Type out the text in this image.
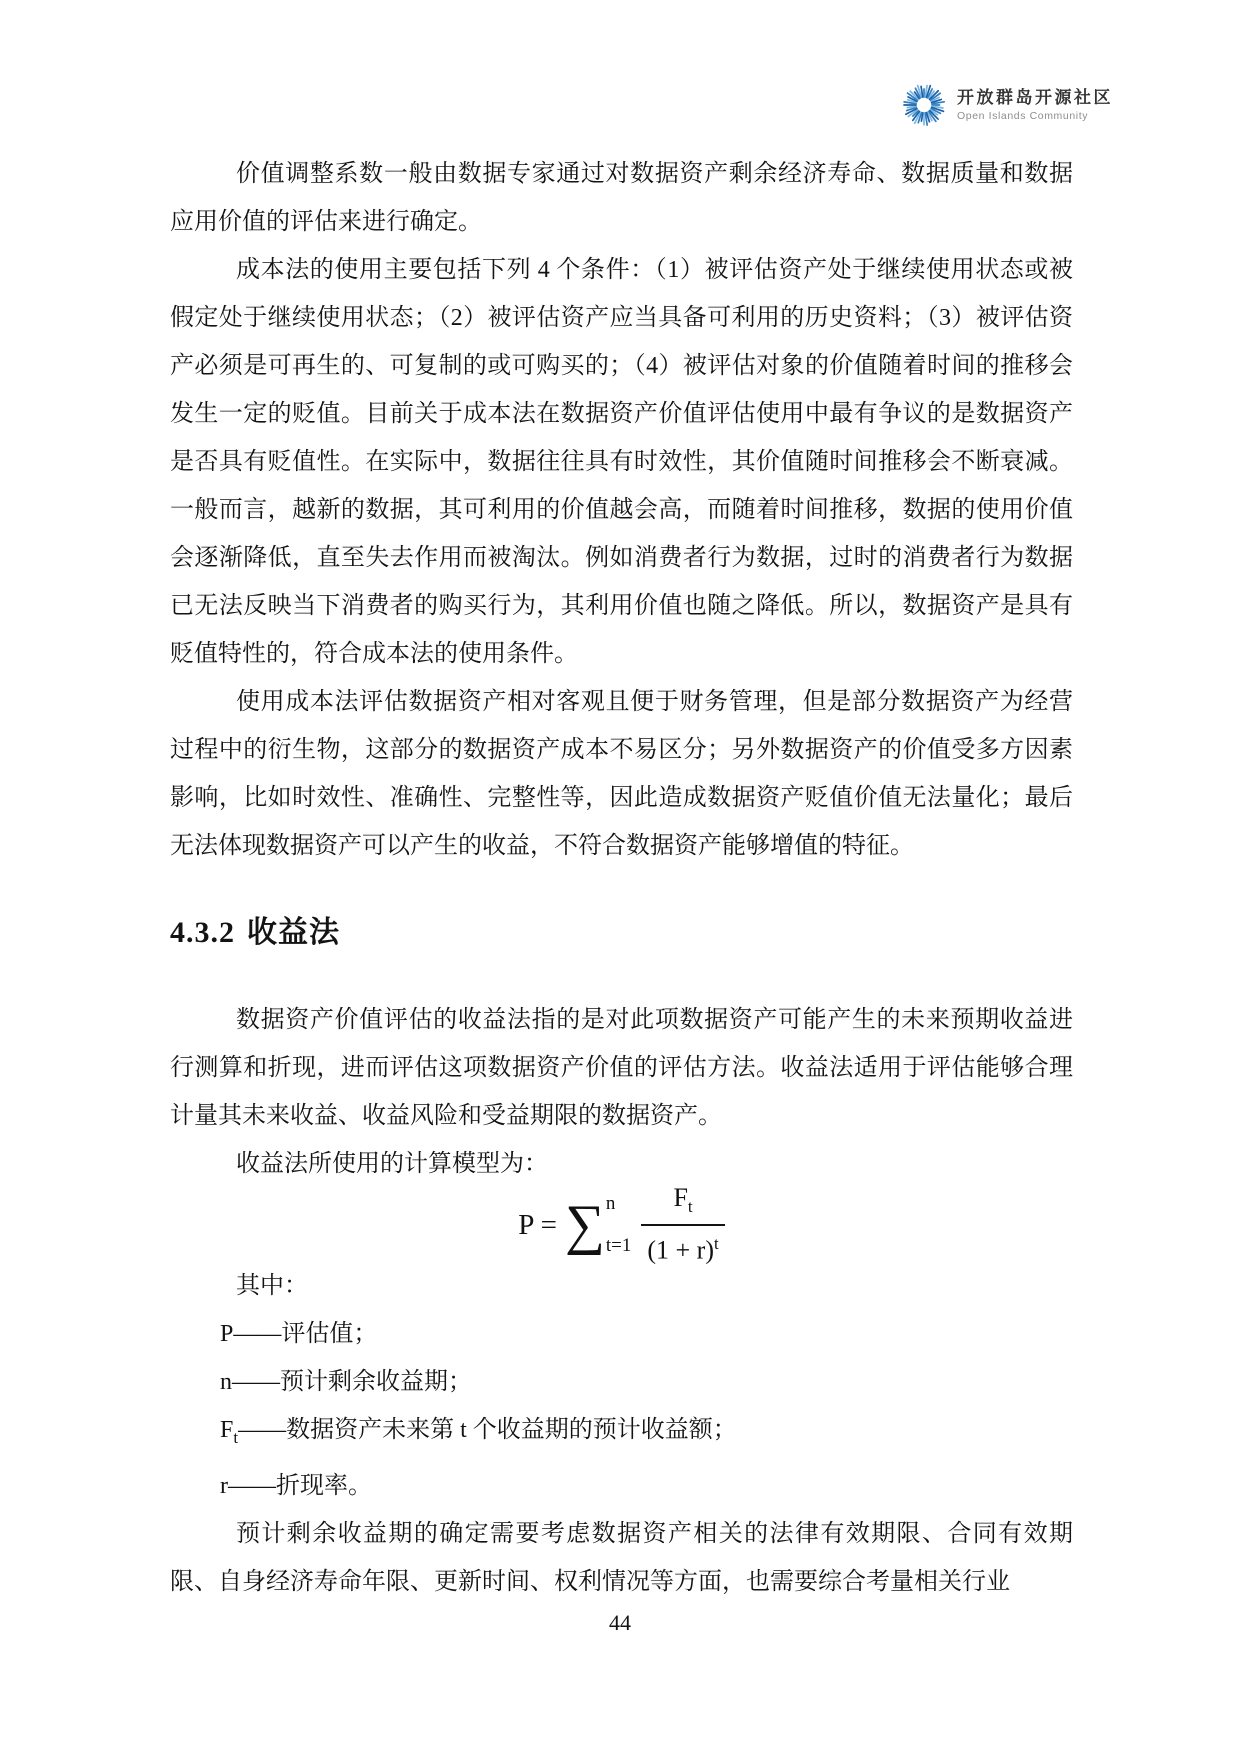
开放群岛开源社区
Open Islands Community

价值调整系数一般由数据专家通过对数据资产剩余经济寿命、数据质量和数据应用价值的评估来进行确定。

成本法的使用主要包括下列 4 个条件：（1）被评估资产处于继续使用状态或被假定处于继续使用状态；（2）被评估资产应当具备可利用的历史资料；（3）被评估资产必须是可再生的、可复制的或可购买的；（4）被评估对象的价值随着时间的推移会发生一定的贬值。目前关于成本法在数据资产价值评估使用中最有争议的是数据资产是否具有贬值性。在实际中，数据往往具有时效性，其价值随时间推移会不断衰减。一般而言，越新的数据，其可利用的价值越会高，而随着时间推移，数据的使用价值会逐渐降低，直至失去作用而被淘汰。例如消费者行为数据，过时的消费者行为数据已无法反映当下消费者的购买行为，其利用价值也随之降低。所以，数据资产是具有贬值特性的，符合成本法的使用条件。

使用成本法评估数据资产相对客观且便于财务管理，但是部分数据资产为经营过程中的衍生物，这部分的数据资产成本不易区分；另外数据资产的价值受多方因素影响，比如时效性、准确性、完整性等，因此造成数据资产贬值价值无法量化；最后无法体现数据资产可以产生的收益，不符合数据资产能够增值的特征。

4.3.2 收益法

数据资产价值评估的收益法指的是对此项数据资产可能产生的未来预期收益进行测算和折现，进而评估这项数据资产价值的评估方法。收益法适用于评估能够合理计量其未来收益、收益风险和受益期限的数据资产。

收益法所使用的计算模型为：

P = ∑ n
$t=1 \frac{F_t}{(1 + r)^t}$

其中：

P——评估值；

n——预计剩余收益期；

$F_t——$数据资产未来第 t 个收益期的预计收益额；

r——折现率。

预计剩余收益期的确定需要考虑数据资产相关的法律有效期限、合同有效期限、自身经济寿命年限、更新时间、权利情况等方面，也需要综合考量相关行业

44
